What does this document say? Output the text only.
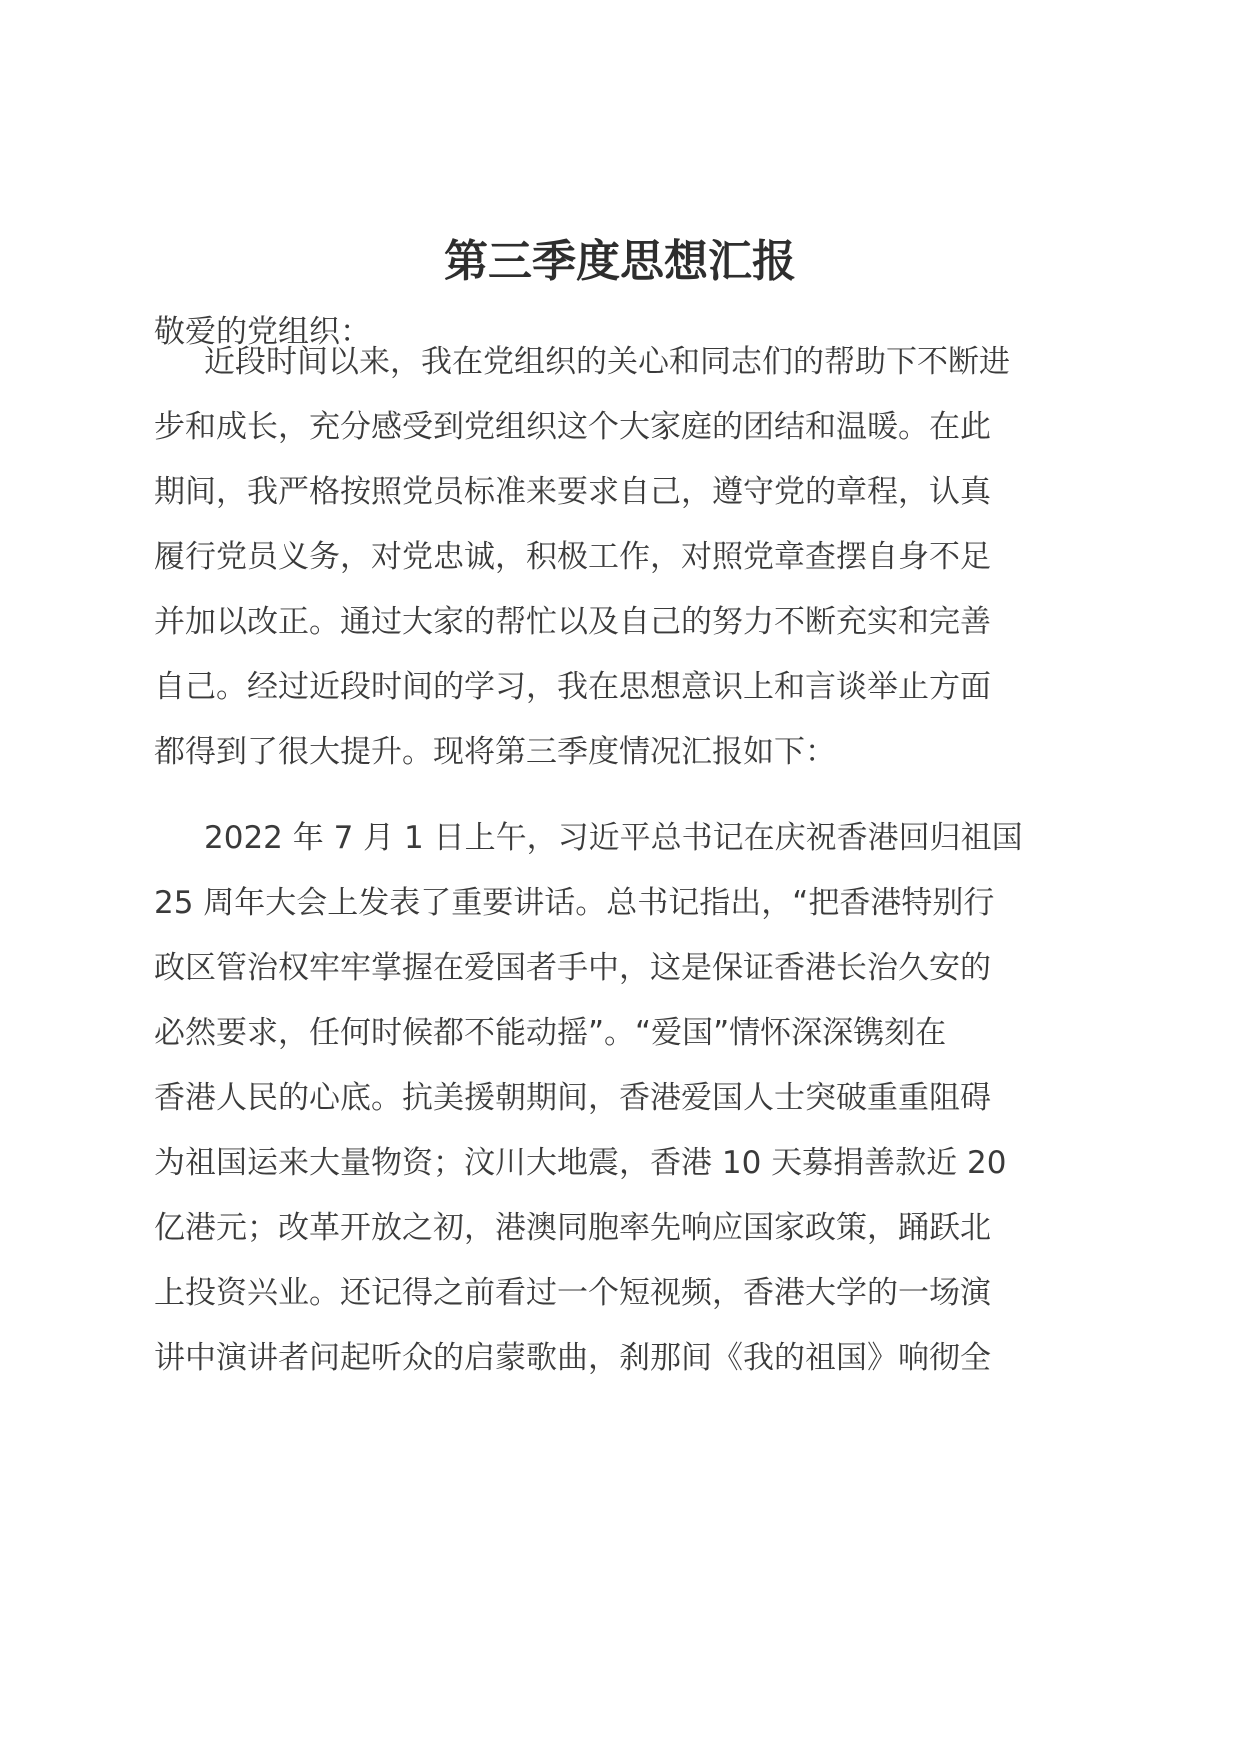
第三季度思想汇报

敬爱的党组织：

近段时间以来，我在党组织的关心和同志们的帮助下不断进
步和成长，充分感受到党组织这个大家庭的团结和温暖。在此
期间，我严格按照党员标准来要求自己，遵守党的章程，认真
履行党员义务，对党忠诚，积极工作，对照党章查摆自身不足
并加以改正。通过大家的帮忙以及自己的努力不断充实和完善
自己。经过近段时间的学习，我在思想意识上和言谈举止方面
都得到了很大提升。现将第三季度情况汇报如下：
2022 年 7 月 1 日上午，习近平总书记在庆祝香港回归祖国
25 周年大会上发表了重要讲话。总书记指出，“把香港特别行
政区管治权牢牢掌握在爱国者手中，这是保证香港长治久安的
必然要求，任何时候都不能动摇”。“爱国”情怀深深镌刻在
香港人民的心底。抗美援朝期间，香港爱国人士突破重重阻碍
为祖国运来大量物资；汶川大地震，香港 10 天募捐善款近 20
亿港元；改革开放之初，港澳同胞率先响应国家政策，踊跃北
上投资兴业。还记得之前看过一个短视频，香港大学的一场演
讲中演讲者问起听众的启蒙歌曲，刹那间《我的祖国》响彻全
